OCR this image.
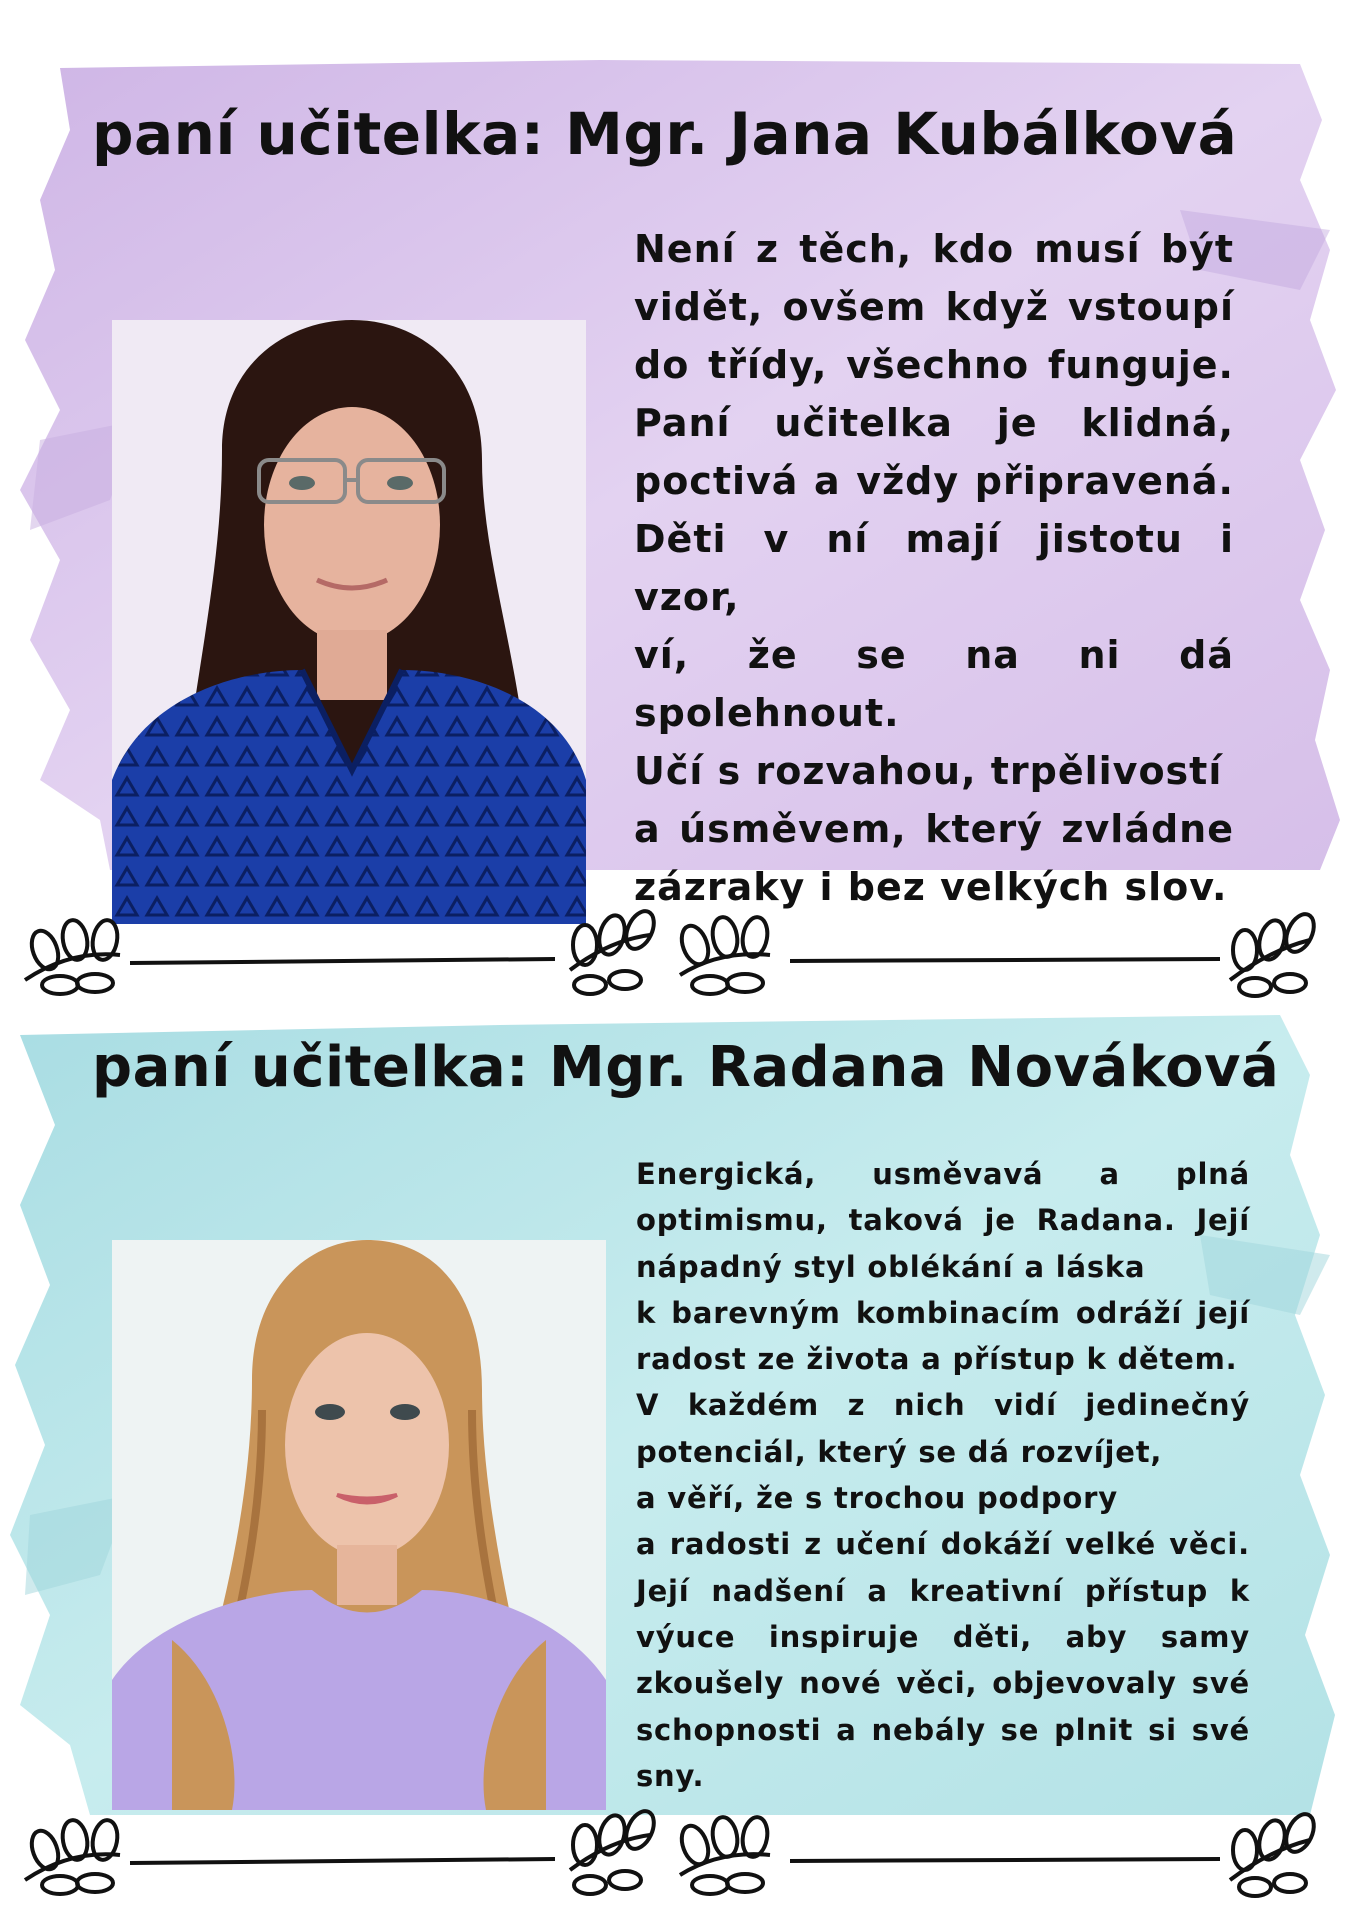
paní učitelka: Mgr. Jana Kubálková

Není z těch, kdo musí být
vidět, ovšem když vstoupí
do třídy, všechno funguje.
Paní učitelka je klidná,
poctivá a vždy připravená.
Děti v ní mají jistotu i vzor,
ví, že se na ni dá spolehnout.
Učí s rozvahou, trpělivostí
a úsměvem, který zvládne
zázraky i bez velkých slov.

paní učitelka: Mgr. Radana Nováková

Energická, usměvavá a plná
optimismu, taková je Radana. Její
nápadný styl oblékání a láska
k barevným kombinacím odráží její
radost ze života a přístup k dětem.
V každém z nich vidí jedinečný
potenciál, který se dá rozvíjet,
a věří, že s trochou podpory
a radosti z učení dokáží velké věci.
Její nadšení a kreativní přístup k
výuce inspiruje děti, aby samy
zkoušely nové věci, objevovaly své
schopnosti a nebály se plnit si své
sny.
